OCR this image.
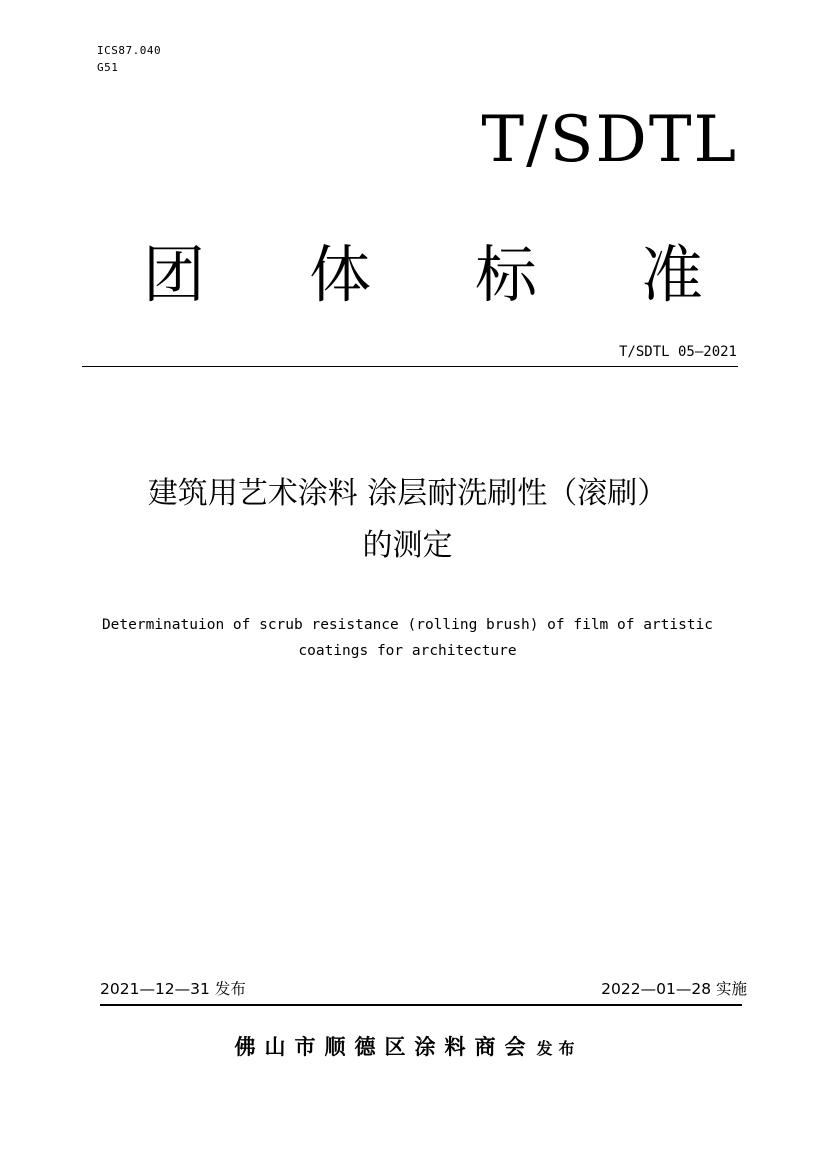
ICS87.040
G51
T/SDTL
团 体 标 准
T/SDTL 05—2021
建筑用艺术涂料 涂层耐洗刷性（滚刷）
的测定
Determinatuion of scrub resistance (rolling brush) of film of artistic
coatings for architecture
2021—12—31 发布	2022—01—28 实施
佛山市顺德区涂料商会 发布
